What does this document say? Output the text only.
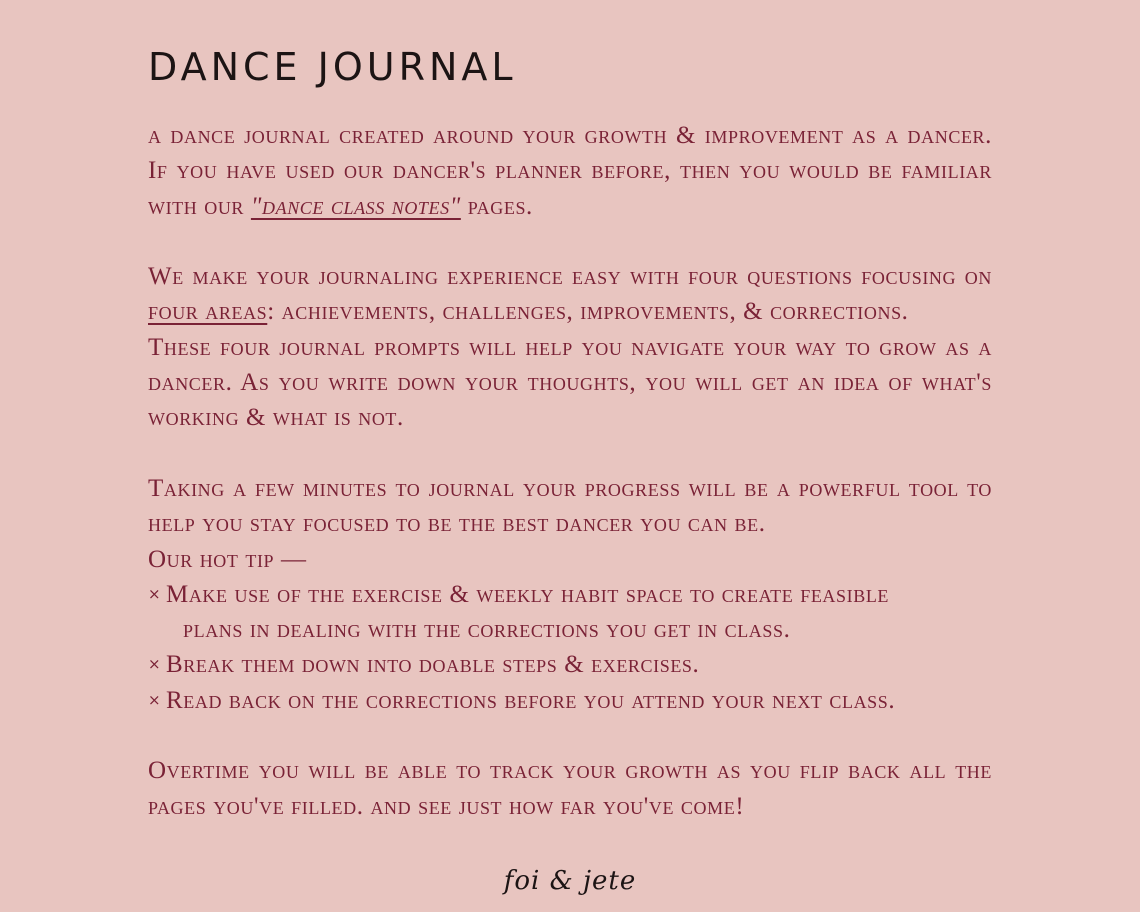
DANCE JOURNAL

a dance journal created around your growth & improvement as a dancer. If you have used our dancer's planner before, then you would be familiar with our "dance class notes" pages.

We make your journaling experience easy with four questions focusing on four areas: achievements, challenges, improvements, & corrections.

These four journal prompts will help you navigate your way to grow as a dancer. As you write down your thoughts, you will get an idea of what's working & what is not.

Taking a few minutes to journal your progress will be a powerful tool to help you stay focused to be the best dancer you can be.

Our hot tip —

× Make use of the exercise & weekly habit space to create feasible
plans in dealing with the corrections you get in class.
× Break them down into doable steps & exercises.
× Read back on the corrections before you attend your next class.

Overtime you will be able to track your growth as you flip back all the pages you've filled. and see just how far you've come!

foi & jete
